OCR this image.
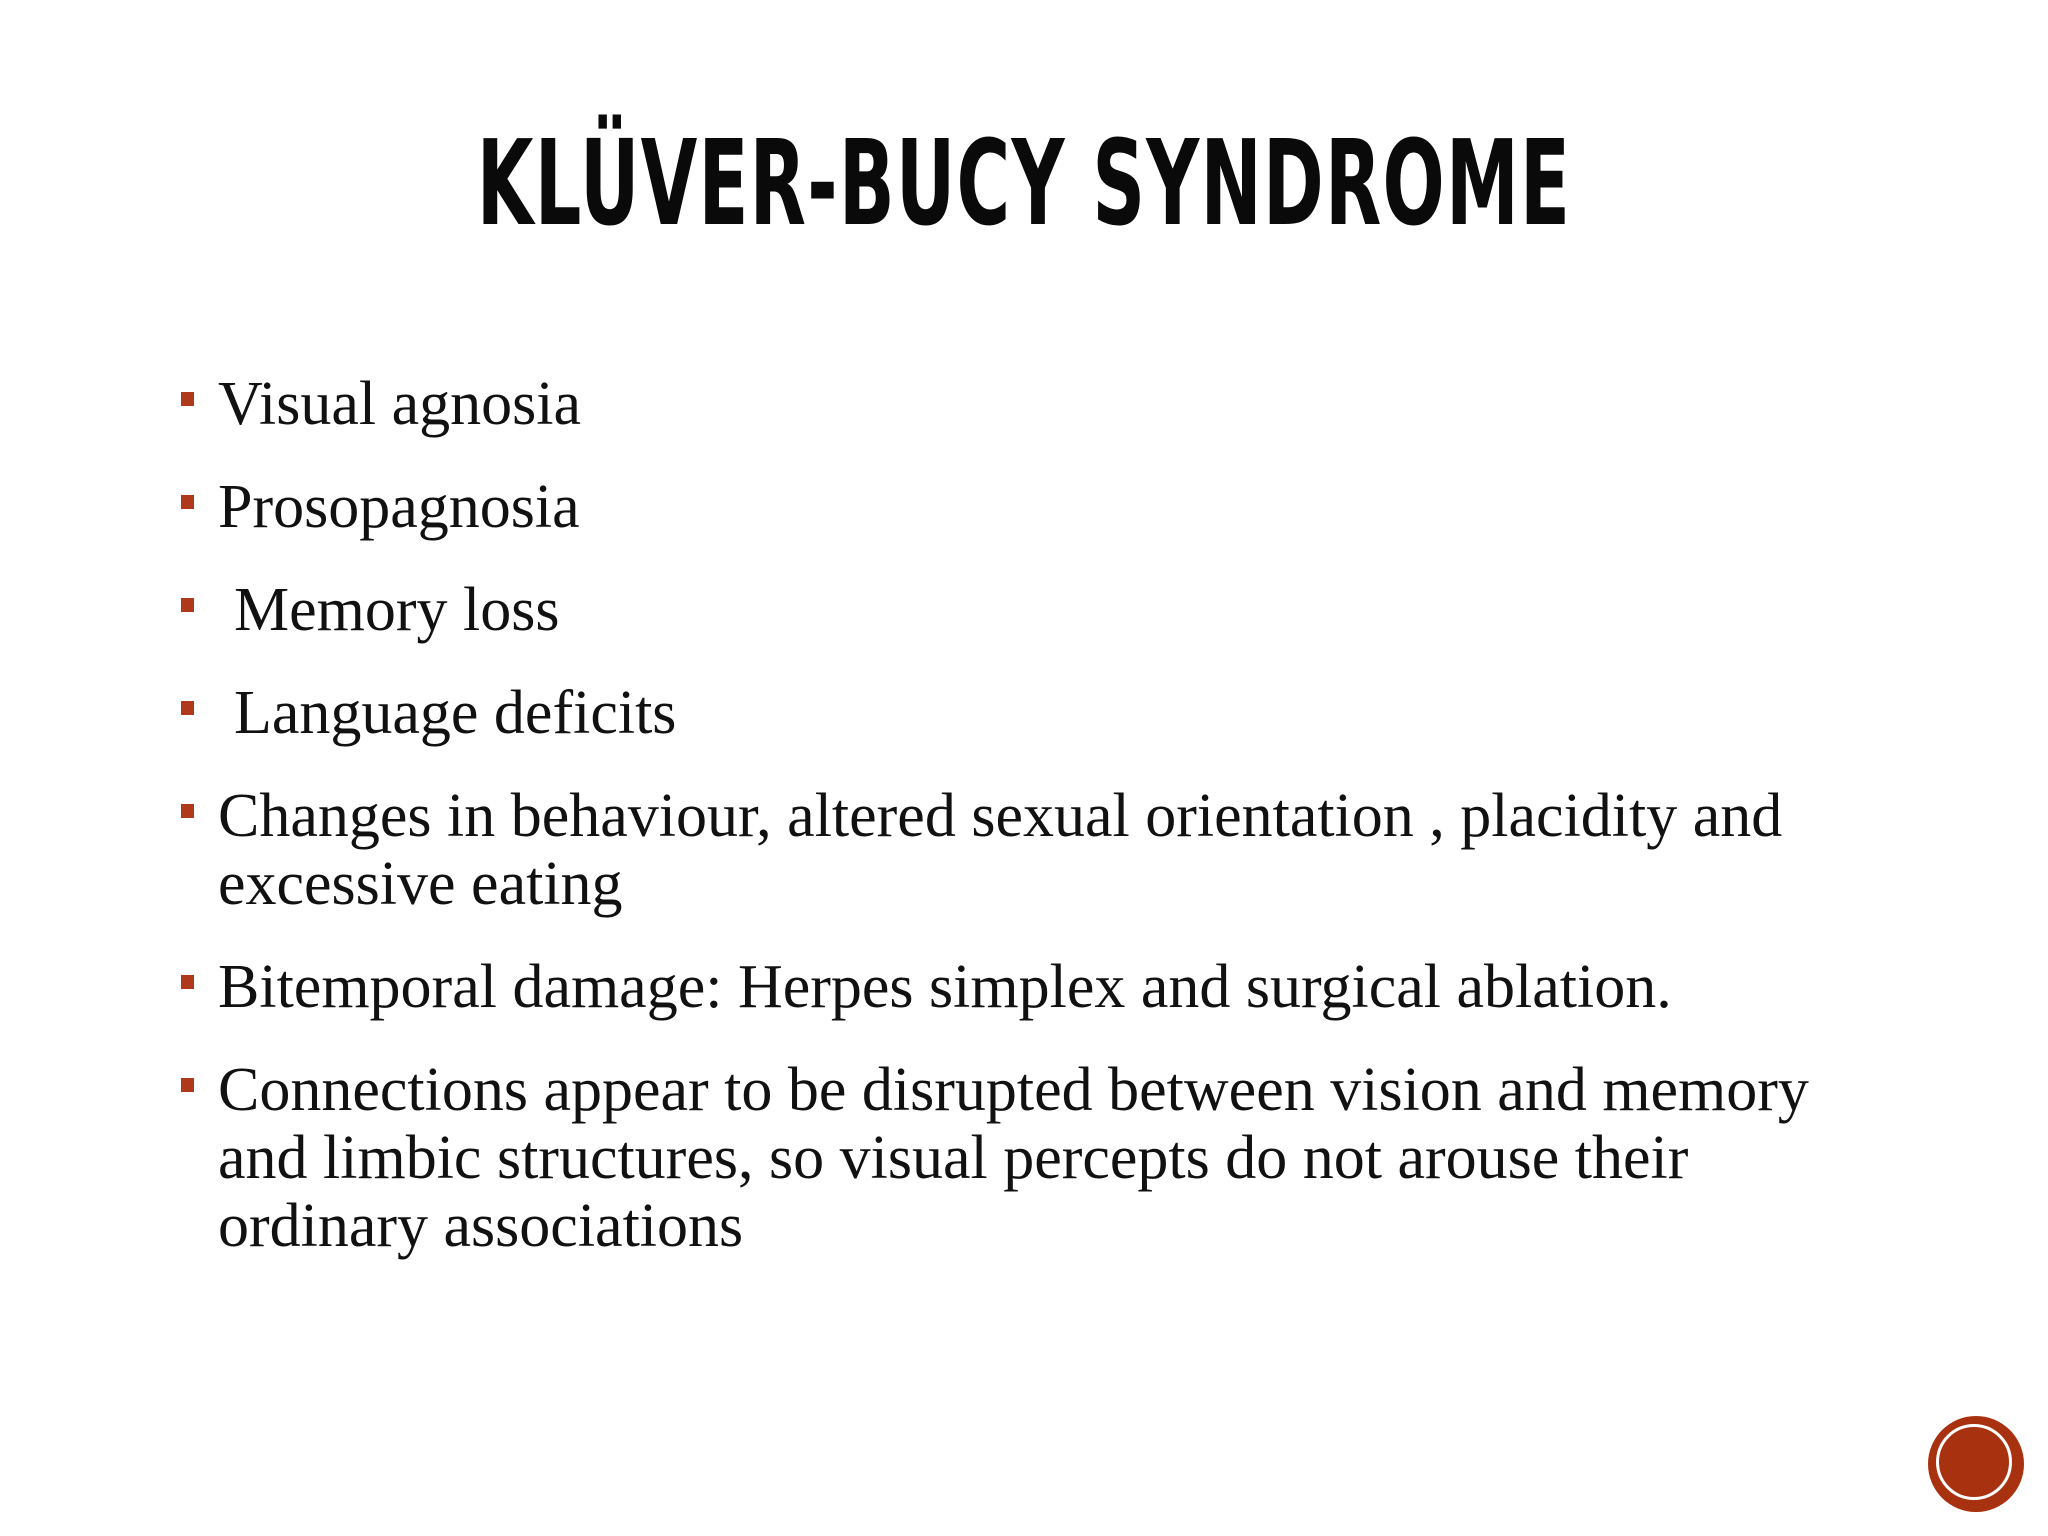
KLÜVER-BUCY SYNDROME
Visual agnosia
Prosopagnosia
Memory loss
Language deficits
Changes in behaviour, altered sexual orientation , placidity and excessive eating
Bitemporal damage: Herpes simplex and surgical ablation.
Connections appear to be disrupted between vision and memory and limbic structures, so visual percepts do not arouse their ordinary associations
